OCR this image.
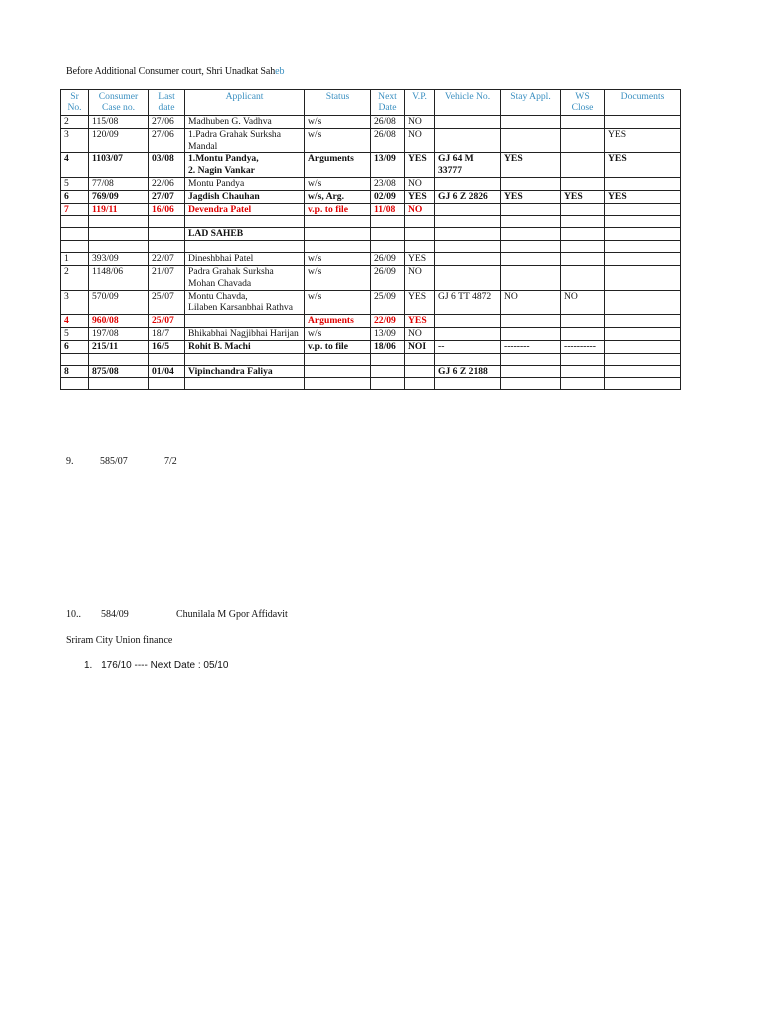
Before Additional Consumer court, Shri Unadkat Saheb
Sr No.	Consumer Case no.	Last date	Applicant	Status	Next Date	V.P.	Vehicle No.	Stay Appl.	WS Close	Documents
2	115/08	27/06	Madhuben G. Vadhva	w/s	26/08	NO				
3	120/09	27/06	1.Padra Grahak Surksha Mandal	w/s	26/08	NO				YES
4	1103/07	03/08	1.Montu Pandya,
2. Nagin Vankar	Arguments	13/09	YES	GJ 64 M 33777	YES		YES
5	77/08	22/06	Montu Pandya	w/s	23/08	NO				
6	769/09	27/07	Jagdish Chauhan	w/s, Arg.	02/09	YES	GJ 6 Z 2826	YES	YES	YES
7	119/11	16/06	Devendra Patel	v.p. to file	11/08	NO				

			LAD SAHEB							

1	393/09	22/07	Dineshbhai Patel	w/s	26/09	YES				
2	1148/06	21/07	Padra Grahak Surksha Mohan Chavada	w/s	26/09	NO				
3	570/09	25/07	Montu Chavda,
Lilaben Karsanbhai Rathva	w/s	25/09	YES	GJ 6 TT 4872	NO	NO	
4	960/08	25/07		Arguments	22/09	YES				
5	197/08	18/7	Bhikabhai Nagjibhai Harijan	w/s	13/09	NO				
6	215/11	16/5	Rohit B. Machi	v.p. to file	18/06	NOI	--	--------	----------	

8	875/08	01/04	Vipinchandra Faliya				GJ 6 Z 2188			

9.	585/07	7/2
10.. 584/09	Chunilala M Gpor Affidavit
Sriram City Union finance
1. 176/10 ---- Next Date : 05/10
